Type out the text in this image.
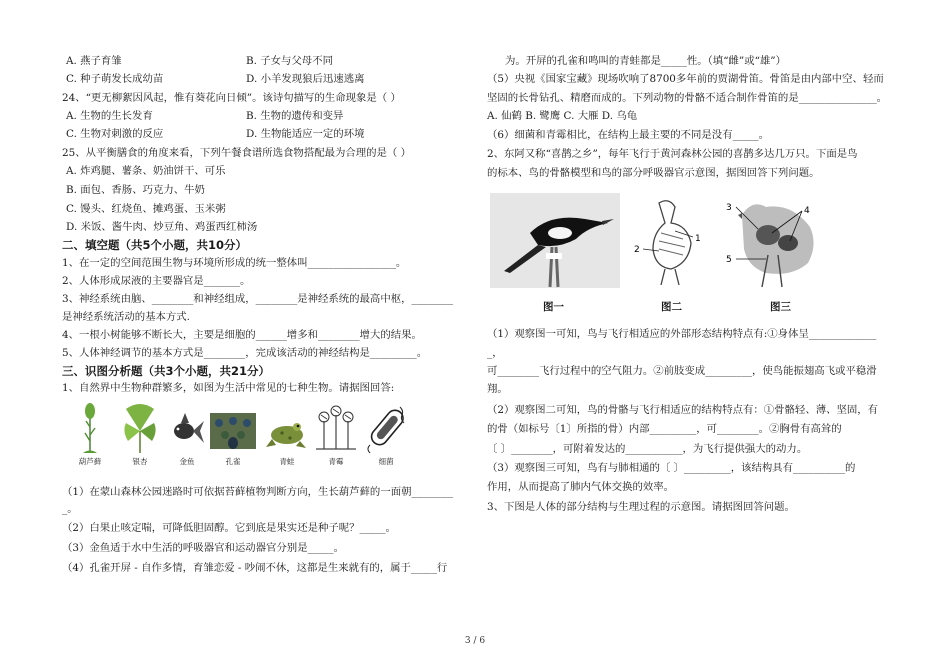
A. 燕子育雏	B. 子女与父母不同
C. 种子萌发长成幼苗	D. 小羊发现狼后迅速逃离
24、“更无柳絮因风起，惟有葵花向日倾”。该诗句描写的生命现象是（ ）
A. 生物的生长发育	B. 生物的遗传和变异
C. 生物对刺激的反应	D. 生物能适应一定的环境
25、从平衡膳食的角度来看，下列午餐食谱所选食物搭配最为合理的是（ ）
A. 炸鸡腿、薯条、奶油饼干、可乐
B. 面包、香肠、巧克力、牛奶
C. 馒头、红烧鱼、摊鸡蛋、玉米粥
D. 米饭、酱牛肉、炒豆角、鸡蛋西红柿汤
二、填空题（共5个小题，共10分）
1、在一定的空间范围生物与环境所形成的统一整体叫_________________。
2、人体形成尿液的主要器官是_______。
3、神经系统由脑、________和神经组成，________是神经系统的最高中枢，________
是神经系统活动的基本方式.
4、一根小树能够不断长大，主要是细胞的______增多和________增大的结果。
5、人体神经调节的基本方式是________，完成该活动的神经结构是_________。
三、识图分析题（共3个小题，共21分）
1、自然界中生物种群繁多，如图为生活中常见的七种生物。请据图回答:
葫芦藓	银杏	金鱼	孔雀	青蛙	青霉	细菌
（1）在蒙山森林公园迷路时可依据苔藓植物判断方向，生长葫芦藓的一面朝________
_。
（2）白果止咳定喘，可降低胆固醇。它到底是果实还是种子呢？_____。
（3）金鱼适于水中生活的呼吸器官和运动器官分别是_____。
（4）孔雀开屏 - 自作多情，育雏恋爱 - 吵闹不休，这都是生来就有的，属于_____行
为。开屏的孔雀和鸣叫的青蛙都是_____性。（填“雌”或“雄”）
（5）央视《国家宝藏》现场吹响了8700多年前的贾湖骨笛。骨笛是由内部中空、轻而
坚固的长骨钻孔、精磨而成的。下列动物的骨骼不适合制作骨笛的是_______________。
A. 仙鹤 B. 鹭鹰 C. 大雁 D. 乌龟
（6）细菌和青霉相比，在结构上最主要的不同是没有_____。
2、东阿又称“喜鹊之乡”，每年飞行于黄河森林公园的喜鹊多达几万只。下面是鸟
的标本、鸟的骨骼模型和鸟的部分呼吸器官示意图，据图回答下列问题。
1
2
3	4
5
图一	图二	图三
（1）观察图一可知，鸟与飞行相适应的外部形态结构特点有:①身体呈_____________
_，
可________飞行过程中的空气阻力。②前肢变成_________，使鸟能振翅高飞或平稳滑
翔。
（2）观察图二可知，鸟的骨骼与飞行相适应的结构特点有：①骨骼轻、薄、坚固，有
的骨（如标号〔1〕所指的骨）内部_________，可________。②胸骨有高耸的
〔 〕________，可附着发达的___________，为飞行提供强大的动力。
（3）观察图三可知，鸟有与肺相通的〔 〕_________，该结构具有__________的
作用，从而提高了肺内气体交换的效率。
3、下图是人体的部分结构与生理过程的示意图。请据图回答问题。
3 / 6
